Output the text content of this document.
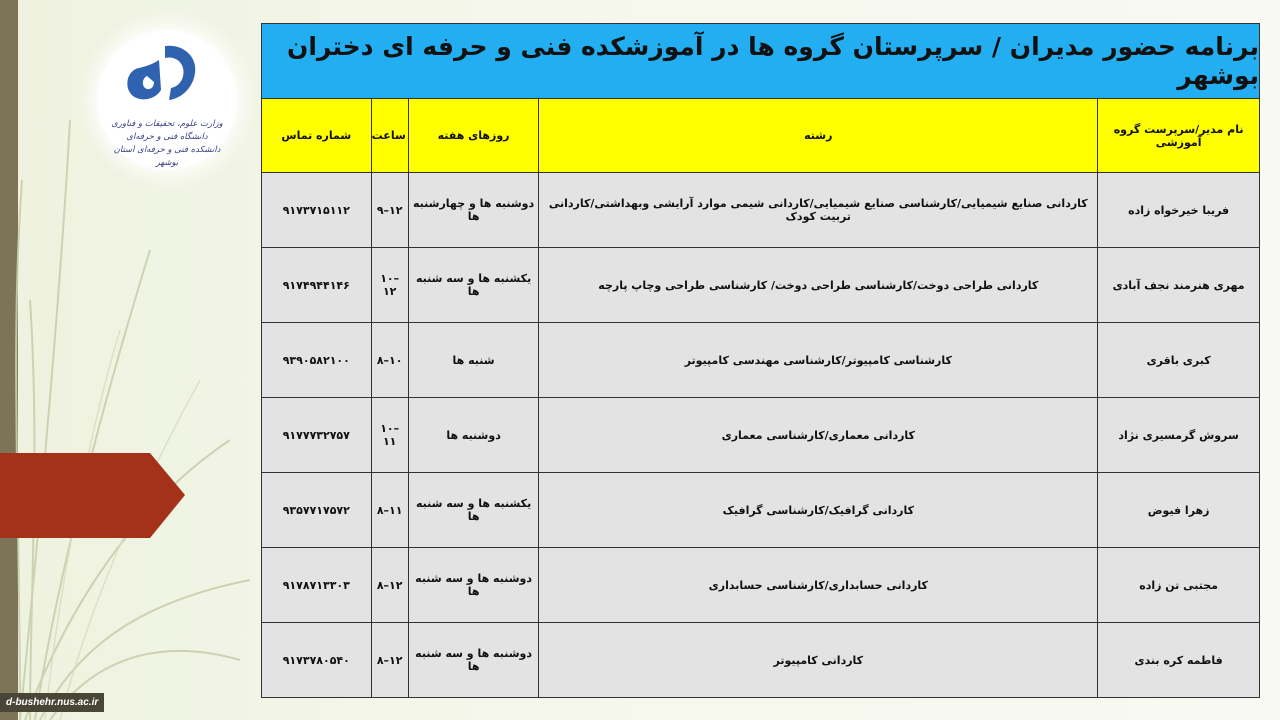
وزارت علوم، تحقیقات و فناوری
دانشگاه فنی و حرفه‌ای
دانشکده فنی و حرفه‌ای استان بوشهر
برنامه حضور مدیران / سرپرستان گروه ها در آموزشکده فنی و حرفه ای دختران بوشهر
نام مدیر/سرپرست گروه آموزشی	رشته	روزهای هفته	ساعت	شماره تماس
فریبا خیرخواه زاده	کاردانی صنایع شیمیایی/کارشناسی صنایع شیمیایی/کاردانی شیمی موارد آرایشی وبهداشتی/کاردانی تربیت کودک	دوشنبه ها و چهارشنبه ها	۹–۱۲	۹۱۷۳۷۱۵۱۱۲
مهری هنرمند نجف آبادی	کاردانی طراحی دوخت/کارشناسی طراحی دوخت/ کارشناسی طراحی وچاپ پارچه	یکشنبه ها و سه شنبه ها	۱۰–۱۲	۹۱۷۴۹۴۴۱۴۶
کبری باقری	کارشناسی کامپیوتر/کارشناسی مهندسی کامپیوتر	شنبه ها	۸–۱۰	۹۳۹۰۵۸۲۱۰۰
سروش گرمسیری نژاد	کاردانی معماری/کارشناسی معماری	دوشنبه ها	۱۰–۱۱	۹۱۷۷۷۳۲۷۵۷
زهرا فیوض	کاردانی گرافیک/کارشناسی گرافیک	یکشنبه ها و سه شنبه ها	۸–۱۱	۹۳۵۷۷۱۷۵۷۲
مجتبی تن زاده	کاردانی حسابداری/کارشناسی حسابداری	دوشنبه ها و سه شنبه ها	۸–۱۲	۹۱۷۸۷۱۳۳۰۳
فاطمه کره بندی	کاردانی کامپیوتر	دوشنبه ها و سه شنبه ها	۸–۱۲	۹۱۷۳۷۸۰۵۴۰
d-bushehr.nus.ac.ir
